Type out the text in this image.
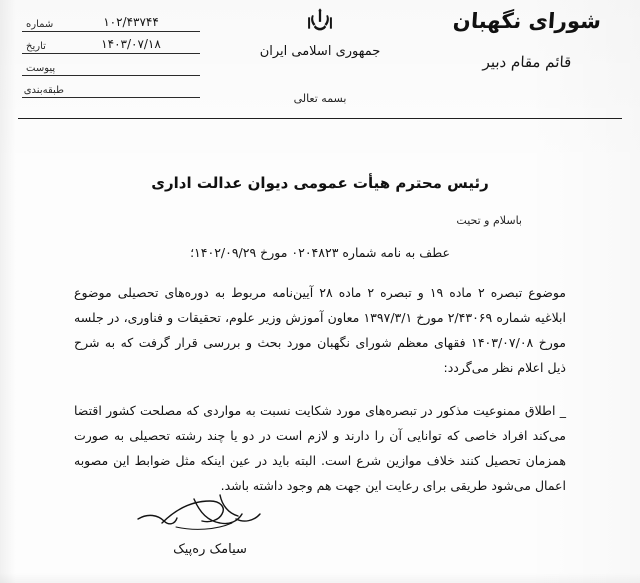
شماره	۱۰۲/۴۳۷۴۴
تاریخ	۱۴۰۳/۰۷/۱۸
پیوست
طبقه‌بندی
جمهوری اسلامی ایران
شورای نگهبان
قائم مقام دبیر
بسمه تعالی
رئیس محترم هیأت عمومی دیوان عدالت اداری
باسلام و تحیت
عطف به نامه شماره ۰۲۰۴۸۲۳ مورخ ۱۴۰۲/۰۹/۲۹؛
موضوع تبصره ۲ ماده ۱۹ و تبصره ۲ ماده ۲۸ آیین‌نامه مربوط به دوره‌های تحصیلی موضوع ابلاغیه شماره ۲/۴۳۰۶۹ مورخ ۱۳۹۷/۳/۱ معاون آموزش وزیر علوم، تحقیقات و فناوری، در جلسه مورخ ۱۴۰۳/۰۷/۰۸ فقهای معظم شورای نگهبان مورد بحث و بررسی قرار گرفت که به شرح ذیل اعلام نظر می‌گردد:
_ اطلاق ممنوعیت مذکور در تبصره‌های مورد شکایت نسبت به مواردی که مصلحت کشور اقتضا می‌کند افراد خاصی که توانایی آن را دارند و لازم است در دو یا چند رشته تحصیلی به صورت همزمان تحصیل کنند خلاف موازین شرع است. البته باید در عین اینکه مثل ضوابط این مصوبه اعمال می‌شود طریقی برای رعایت این جهت هم وجود داشته باشد.
سیامک ره‌پیک
